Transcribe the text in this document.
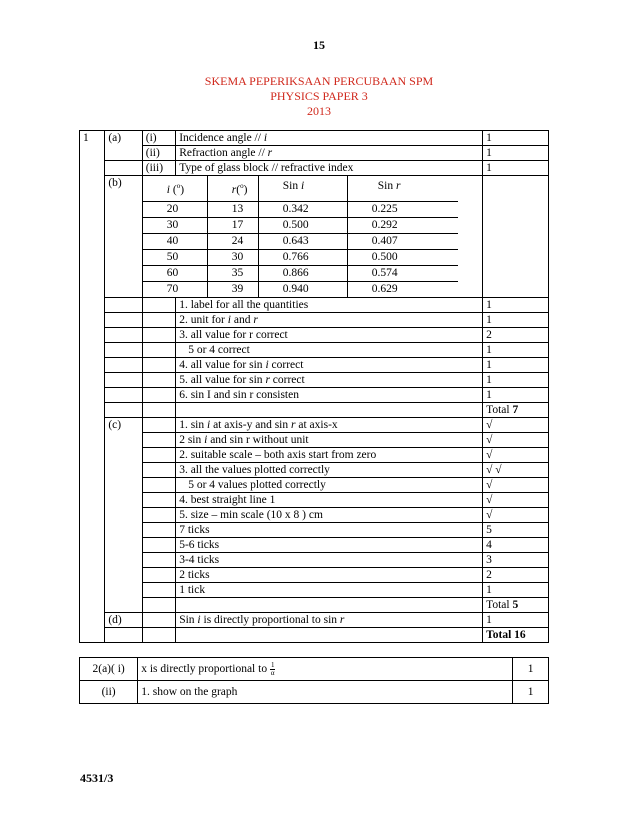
15
SKEMA PEPERIKSAAN PERCUBAAN SPM
PHYSICS PAPER 3
2013
1	(a)	(i)	Incidence angle // i	1
		(ii)	Refraction angle // r	1
		(iii)	Type of glass block // refractive index	1
	(b)	
	i ($^o$)	r($^o$)	Sin i	Sin r
	20	13	0.342	0.225
	30	17	0.500	0.292
	40	24	0.643	0.407
	50	30	0.766	0.500
	60	35	0.866	0.574
	70	39	0.940	0.629

			1. label for all the quantities	1
			2. unit for i and r	1
			3. all value for r correct	2
			5 or 4 correct	1
			4. all value for sin i correct	1
			5. all value for sin r correct	1
			6. sin I and sin r consisten	1
				Total 7
	(c)		1. sin i at axis-y and sin r at axis-x	√
			2 sin i and sin r without unit	√
			2. suitable scale – both axis start from zero	√
			3. all the values plotted correctly	√ √
			5 or 4 values plotted correctly	√
			4. best straight line 1	√
			5. size – min scale (10 x 8 ) cm	√
			7 ticks	5
			5-6 ticks	4
			3-4 ticks	3
			2 ticks	2
			1 tick	1
				Total 5
	(d)		Sin i is directly proportional to sin r	1
				Total 16
2(a)( i)	x is directly proportional to $\frac{1}{\alpha}$	1
(ii)	1. show on the graph	1
4531/3
